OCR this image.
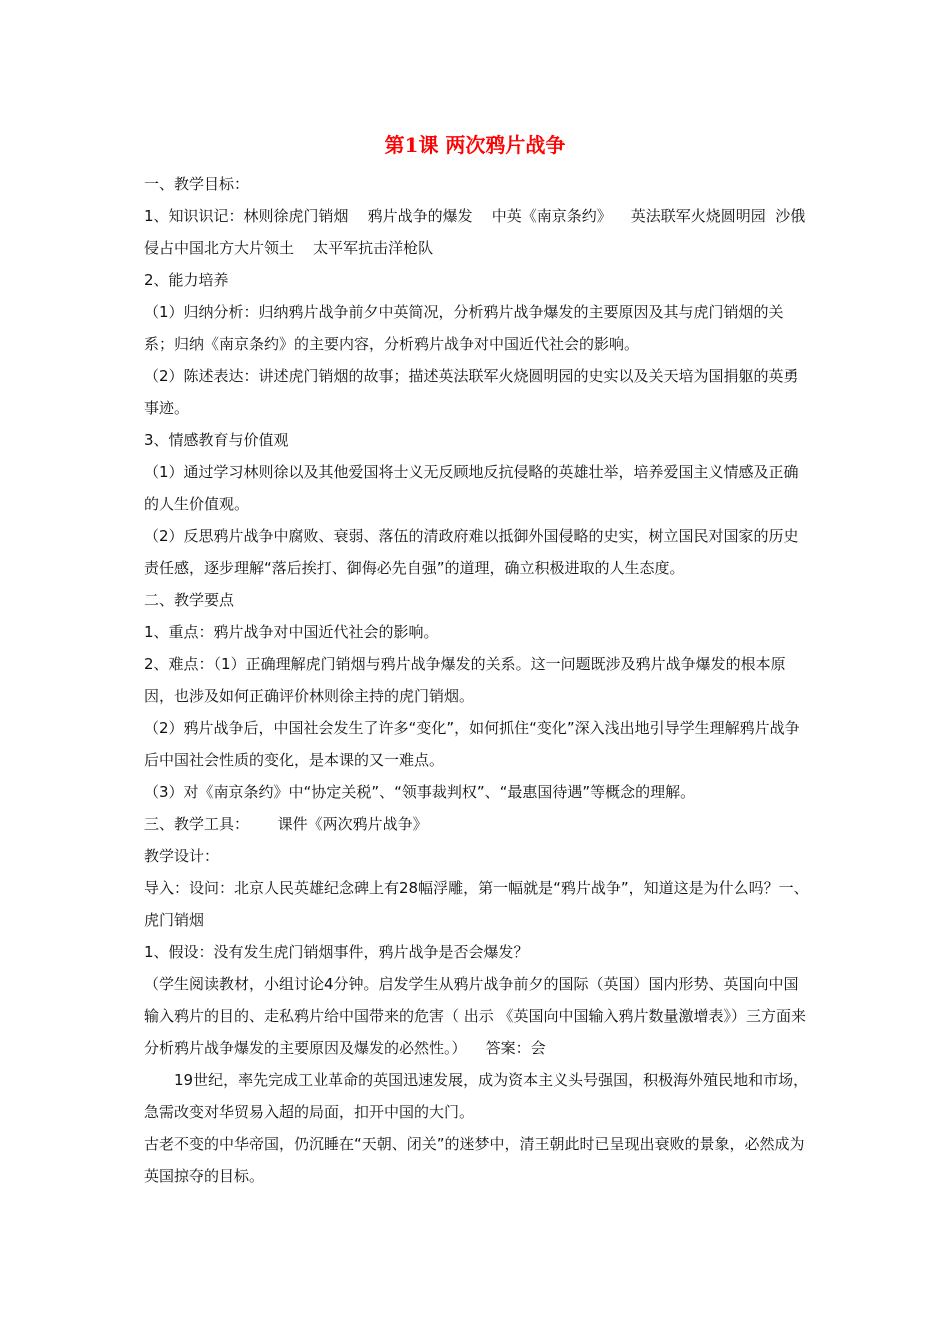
第1课 两次鸦片战争

一、教学目标：

1、知识识记：林则徐虎门销烟    鸦片战争的爆发    中英《南京条约》    英法联军火烧圆明园  沙俄侵占中国北方大片领土    太平军抗击洋枪队

2、能力培养

（1）归纳分析：归纳鸦片战争前夕中英简况，分析鸦片战争爆发的主要原因及其与虎门销烟的关系；归纳《南京条约》的主要内容，分析鸦片战争对中国近代社会的影响。

（2）陈述表达：讲述虎门销烟的故事；描述英法联军火烧圆明园的史实以及关天培为国捐躯的英勇事迹。

3、情感教育与价值观

（1）通过学习林则徐以及其他爱国将士义无反顾地反抗侵略的英雄壮举，培养爱国主义情感及正确的人生价值观。

（2）反思鸦片战争中腐败、衰弱、落伍的清政府难以抵御外国侵略的史实，树立国民对国家的历史责任感，逐步理解“落后挨打、御侮必先自强”的道理，确立积极进取的人生态度。

二、教学要点

1、重点：鸦片战争对中国近代社会的影响。

2、难点：（1）正确理解虎门销烟与鸦片战争爆发的关系。这一问题既涉及鸦片战争爆发的根本原因，也涉及如何正确评价林则徐主持的虎门销烟。

（2）鸦片战争后，中国社会发生了许多“变化”，如何抓住“变化”深入浅出地引导学生理解鸦片战争后中国社会性质的变化，是本课的又一难点。

（3）对《南京条约》中“协定关税”、“领事裁判权”、“最惠国待遇”等概念的理解。

三、教学工具：      课件《两次鸦片战争》

教学设计：

导入：设问：北京人民英雄纪念碑上有28幅浮雕，第一幅就是“鸦片战争”，知道这是为什么吗？一、虎门销烟

1、假设：没有发生虎门销烟事件，鸦片战争是否会爆发？

（学生阅读教材，小组讨论4分钟。启发学生从鸦片战争前夕的国际（英国）国内形势、英国向中国输入鸦片的目的、走私鸦片给中国带来的危害（ 出示 《英国向中国输入鸦片数量激增表》）三方面来分析鸦片战争爆发的主要原因及爆发的必然性。）    答案：会

19世纪，率先完成工业革命的英国迅速发展，成为资本主义头号强国，积极海外殖民地和市场，急需改变对华贸易入超的局面，扣开中国的大门。

古老不变的中华帝国，仍沉睡在“天朝、闭关”的迷梦中，清王朝此时已呈现出衰败的景象，必然成为英国掠夺的目标。
